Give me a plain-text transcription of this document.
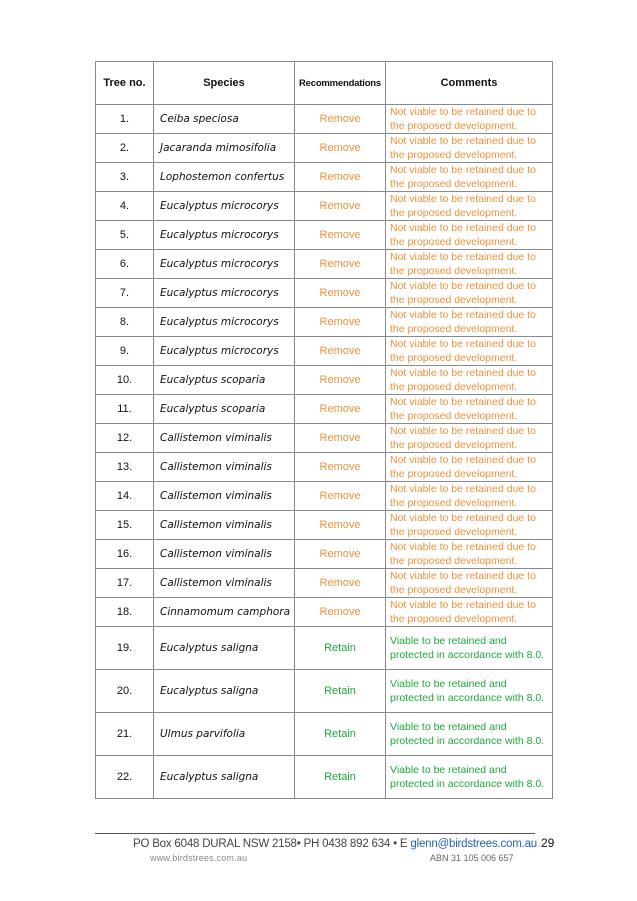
Tree no.	Species	Recommendations	Comments
1.	Ceiba speciosa	Remove	Not viable to be retained due to the proposed development.
2.	Jacaranda mimosifolia	Remove	Not viable to be retained due to the proposed development.
3.	Lophostemon confertus	Remove	Not viable to be retained due to the proposed development.
4.	Eucalyptus microcorys	Remove	Not viable to be retained due to the proposed development.
5.	Eucalyptus microcorys	Remove	Not viable to be retained due to the proposed development.
6.	Eucalyptus microcorys	Remove	Not viable to be retained due to the proposed development.
7.	Eucalyptus microcorys	Remove	Not viable to be retained due to the proposed development.
8.	Eucalyptus microcorys	Remove	Not viable to be retained due to the proposed development.
9.	Eucalyptus microcorys	Remove	Not viable to be retained due to the proposed development.
10.	Eucalyptus scoparia	Remove	Not viable to be retained due to the proposed development.
11.	Eucalyptus scoparia	Remove	Not viable to be retained due to the proposed development.
12.	Callistemon viminalis	Remove	Not viable to be retained due to the proposed development.
13.	Callistemon viminalis	Remove	Not viable to be retained due to the proposed development.
14.	Callistemon viminalis	Remove	Not viable to be retained due to the proposed development.
15.	Callistemon viminalis	Remove	Not viable to be retained due to the proposed development.
16.	Callistemon viminalis	Remove	Not viable to be retained due to the proposed development.
17.	Callistemon viminalis	Remove	Not viable to be retained due to the proposed development.
18.	Cinnamomum camphora	Remove	Not viable to be retained due to the proposed development.
19.	Eucalyptus saligna	Retain	Viable to be retained and protected in accordance with 8.0.
20.	Eucalyptus saligna	Retain	Viable to be retained and protected in accordance with 8.0.
21.	Ulmus parvifolia	Retain	Viable to be retained and protected in accordance with 8.0.
22.	Eucalyptus saligna	Retain	Viable to be retained and protected in accordance with 8.0.
PO Box 6048 DURAL NSW 2158• PH 0438 892 634 • E glenn@birdstrees.com.au
www.birdstrees.com.au	ABN 31 105 006 657
29
